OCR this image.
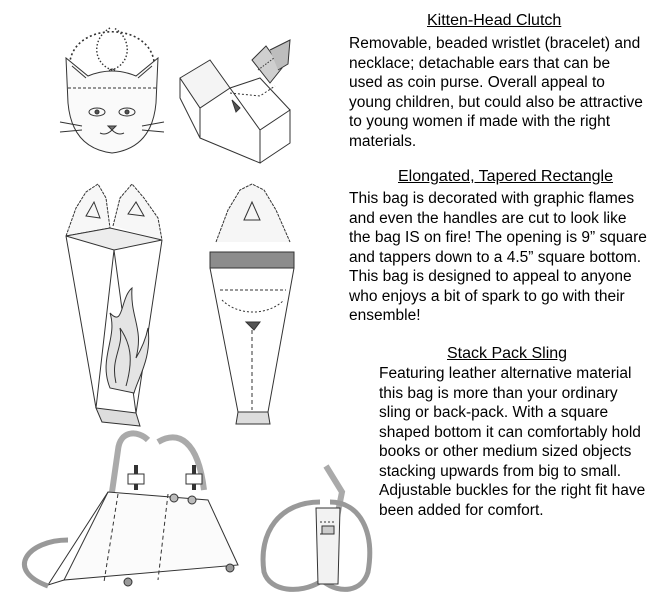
Kitten-Head Clutch
Removable, beaded wristlet (bracelet) and necklace; detachable ears that can be used as coin purse. Overall appeal to young children, but could also be attractive to young women if made with the right materials.
Elongated, Tapered Rectangle
This bag is decorated with graphic flames and even the handles are cut to look like the bag IS on fire! The opening is 9” square and tappers down to a 4.5” square bottom. This bag is designed to appeal to anyone who enjoys a bit of spark to go with their ensemble!
Stack Pack Sling
Featuring leather alternative material this bag is more than your ordinary sling or back-pack. With a square shaped bottom it can comfortably hold books or other medium sized objects stacking upwards from big to small. Adjustable buckles for the right fit have been added for comfort.
